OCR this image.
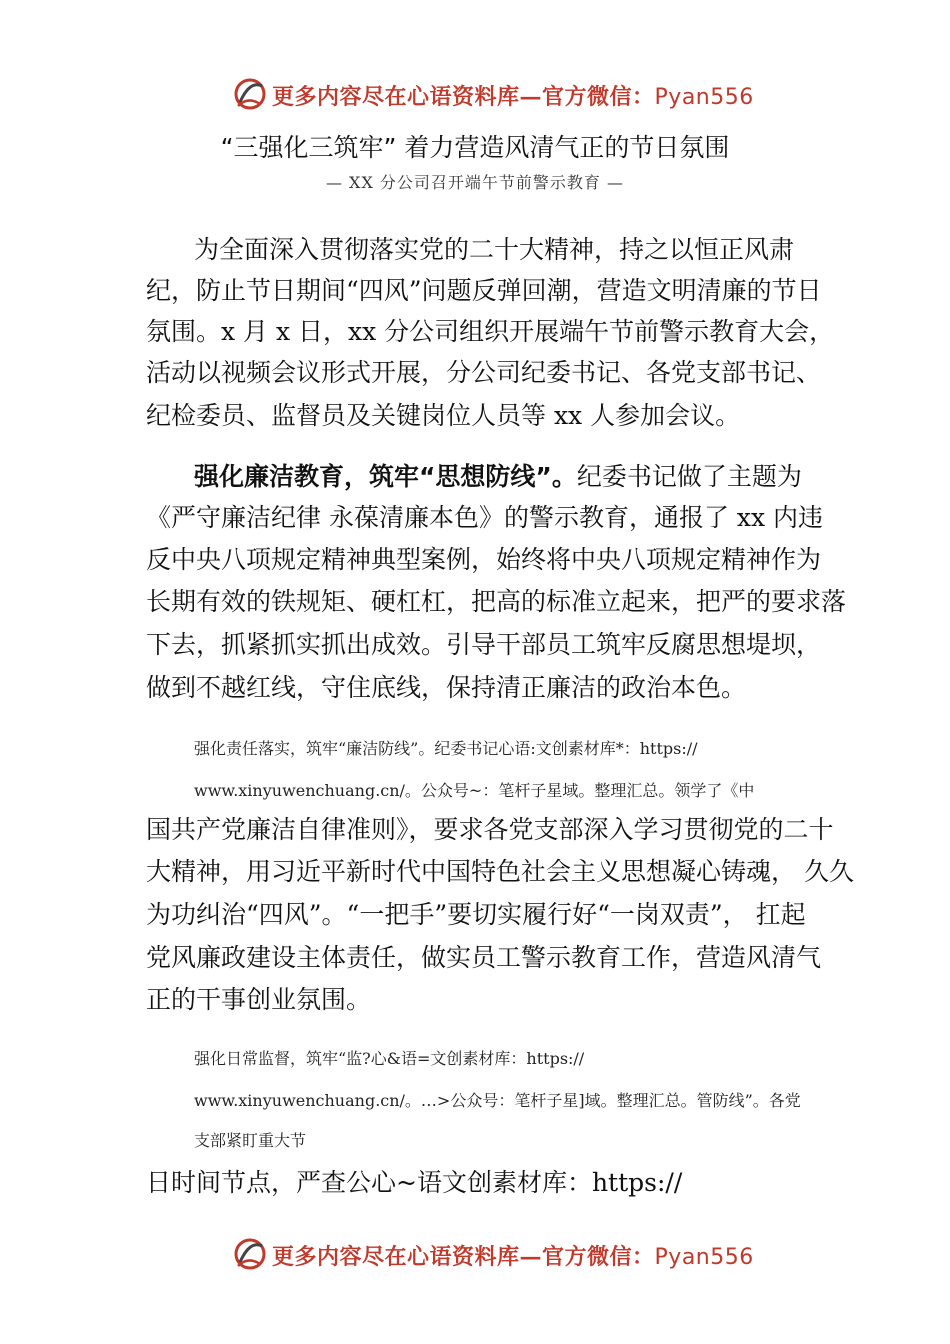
更多内容尽在心语资料库—官方微信：Pyan556
“三强化三筑牢” 着力营造风清气正的节日氛围
— XX 分公司召开端午节前警示教育 —
为全面深入贯彻落实党的二十大精神，持之以恒正风肃
纪，防止节日期间“四风”问题反弹回潮，营造文明清廉的节日
氛围。x 月 x 日，xx 分公司组织开展端午节前警示教育大会，
活动以视频会议形式开展，分公司纪委书记、各党支部书记、
纪检委员、监督员及关键岗位人员等 xx 人参加会议。
强化廉洁教育，筑牢“思想防线”。纪委书记做了主题为
《严守廉洁纪律 永葆清廉本色》的警示教育，通报了 xx 内违
反中央八项规定精神典型案例，始终将中央八项规定精神作为
长期有效的铁规矩、硬杠杠，把高的标准立起来，把严的要求落
下去，抓紧抓实抓出成效。引导干部员工筑牢反腐思想堤坝，
做到不越红线，守住底线，保持清正廉洁的政治本色。
强化责任落实，筑牢“廉洁防线”。纪委书记心语:文创素材库*：https://
www.xinyuwenchuang.cn/。公众号~：笔杆子星域。整理汇总。领学了《中
国共产党廉洁自律准则》，要求各党支部深入学习贯彻党的二十
大精神，用习近平新时代中国特色社会主义思想凝心铸魂， 久久
为功纠治“四风”。“一把手”要切实履行好“一岗双责”， 扛起
党风廉政建设主体责任，做实员工警示教育工作，营造风清气
正的干事创业氛围。
强化日常监督，筑牢“监?心&语=文创素材库：https://
www.xinyuwenchuang.cn/。…>公众号：笔杆子星]域。整理汇总。管防线”。各党
支部紧盯重大节
日时间节点，严查公心~语文创素材库：https://
更多内容尽在心语资料库—官方微信：Pyan556
